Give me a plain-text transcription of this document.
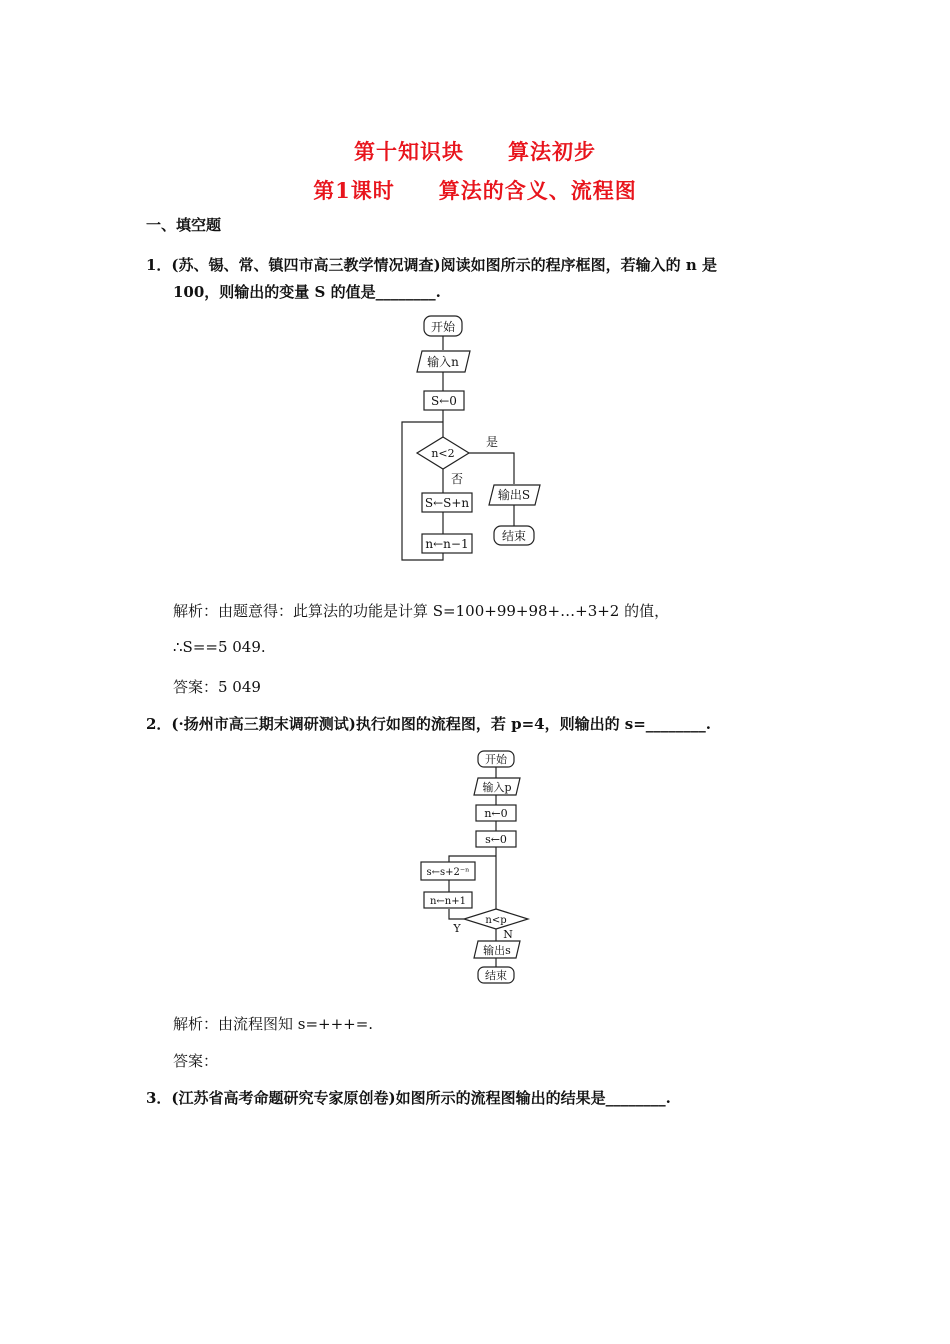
第十知识块　　算法初步
第1课时　　算法的含义、流程图
一、填空题
1．(苏、锡、常、镇四市高三教学情况调查)阅读如图所示的程序框图，若输入的 n 是
100，则输出的变量 S 的值是________.
开始
输入n
S←0
n<2
是
输出S
结束
否
S←S+n
n←n−1
解析：由题意得：此算法的功能是计算 S=100+99+98+…+3+2 的值，
∴S==5 049.
答案：5 049
2．(·扬州市高三期末调研测试)执行如图的流程图，若 p=4，则输出的 s=________.
开始
输入p
n←0
s←0
n<p
Y
n←n+1
s←s+2⁻ⁿ
N
输出s
结束
解析：由流程图知 s=+++=.
答案：
3．(江苏省高考命题研究专家原创卷)如图所示的流程图输出的结果是________.
